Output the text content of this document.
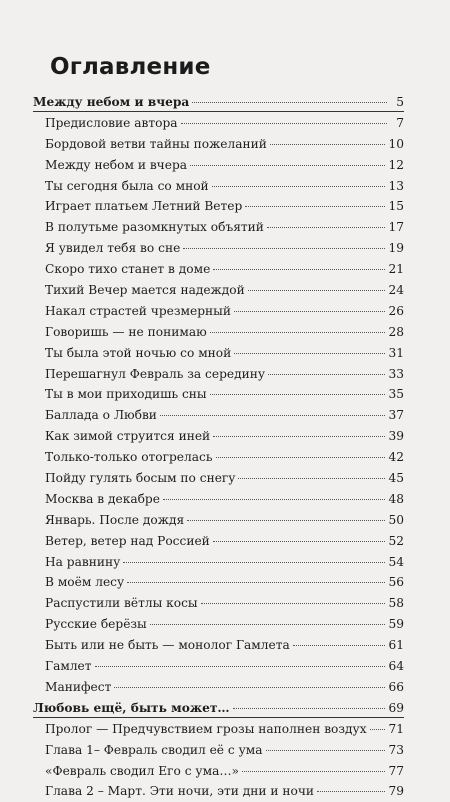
Оглавление
Между небом и вчера	5
Предисловие автора	7
Бордовой ветви тайны пожеланий	10
Между небом и вчера	12
Ты сегодня была со мной	13
Играет платьем Летний Ветер	15
В полутьме разомкнутых объятий	17
Я увидел тебя во сне	19
Скоро тихо станет в доме	21
Тихий Вечер мается надеждой	24
Накал страстей чрезмерный	26
Говоришь — не понимаю	28
Ты была этой ночью со мной	31
Перешагнул Февраль за середину	33
Ты в мои приходишь сны	35
Баллада о Любви	37
Как зимой струится иней	39
Только-только отогрелась	42
Пойду гулять босым по снегу	45
Москва в декабре	48
Январь. После дождя	50
Ветер, ветер над Россией	52
На равнину	54
В моём лесу	56
Распустили вётлы косы	58
Русские берёзы	59
Быть или не быть — монолог Гамлета	61
Гамлет	64
Манифест	66
Любовь ещё, быть может…	69
Пролог — Предчувствием грозы наполнен воздух 71
Глава 1– Февраль сводил её с ума	73
«Февраль сводил Его с ума…»	77
Глава 2 – Март. Эти ночи, эти дни и ночи	79
